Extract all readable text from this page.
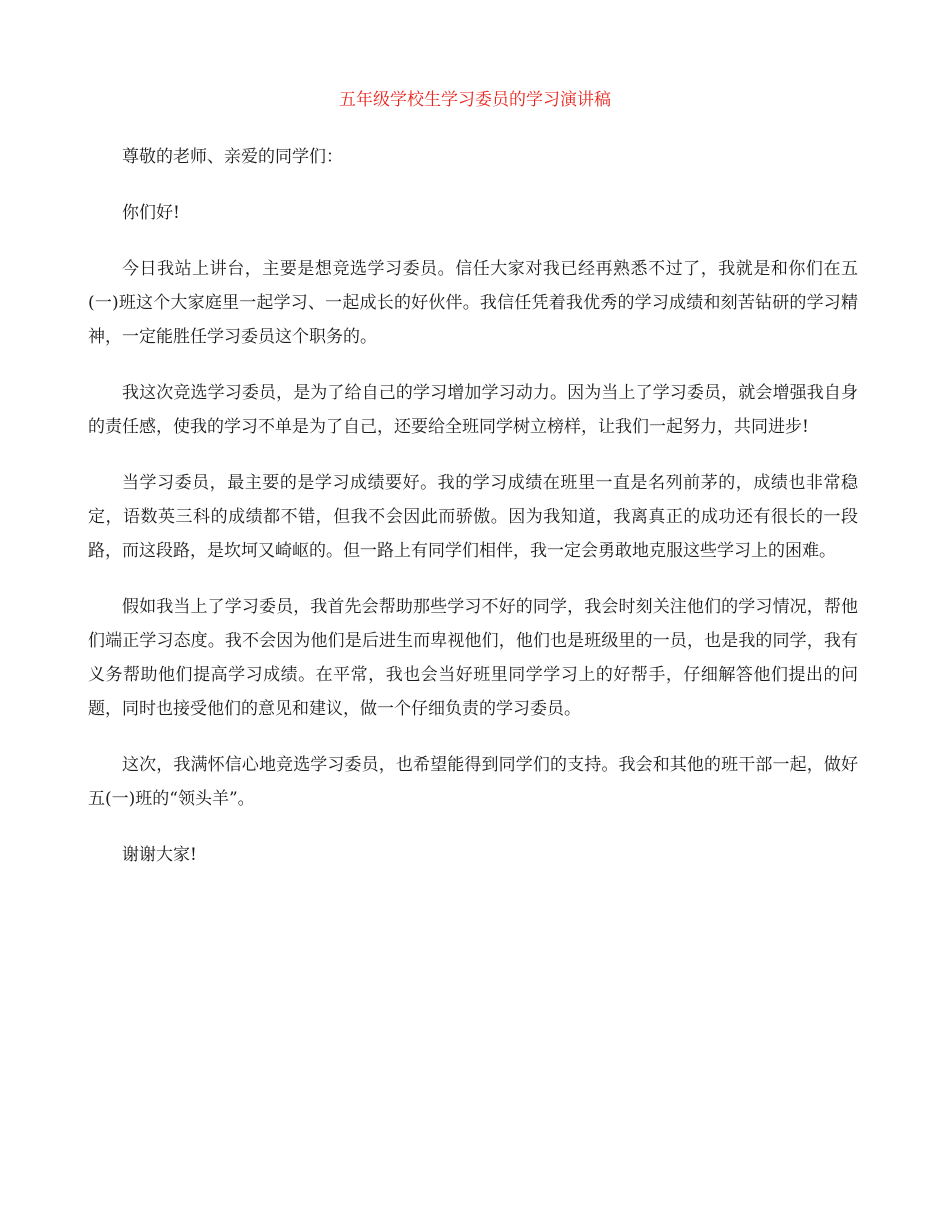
五年级学校生学习委员的学习演讲稿

尊敬的老师、亲爱的同学们：

你们好!

今日我站上讲台，主要是想竞选学习委员。信任大家对我已经再熟悉不过了，我就是和你们在五(一)班这个大家庭里一起学习、一起成长的好伙伴。我信任凭着我优秀的学习成绩和刻苦钻研的学习精神，一定能胜任学习委员这个职务的。

我这次竞选学习委员，是为了给自己的学习增加学习动力。因为当上了学习委员，就会增强我自身的责任感，使我的学习不单是为了自己，还要给全班同学树立榜样，让我们一起努力，共同进步!

当学习委员，最主要的是学习成绩要好。我的学习成绩在班里一直是名列前茅的，成绩也非常稳定，语数英三科的成绩都不错，但我不会因此而骄傲。因为我知道，我离真正的成功还有很长的一段路，而这段路，是坎坷又崎岖的。但一路上有同学们相伴，我一定会勇敢地克服这些学习上的困难。

假如我当上了学习委员，我首先会帮助那些学习不好的同学，我会时刻关注他们的学习情况，帮他们端正学习态度。我不会因为他们是后进生而卑视他们，他们也是班级里的一员，也是我的同学，我有义务帮助他们提高学习成绩。在平常，我也会当好班里同学学习上的好帮手，仔细解答他们提出的问题，同时也接受他们的意见和建议，做一个仔细负责的学习委员。

这次，我满怀信心地竞选学习委员，也希望能得到同学们的支持。我会和其他的班干部一起，做好五(一)班的“领头羊”。

谢谢大家!
